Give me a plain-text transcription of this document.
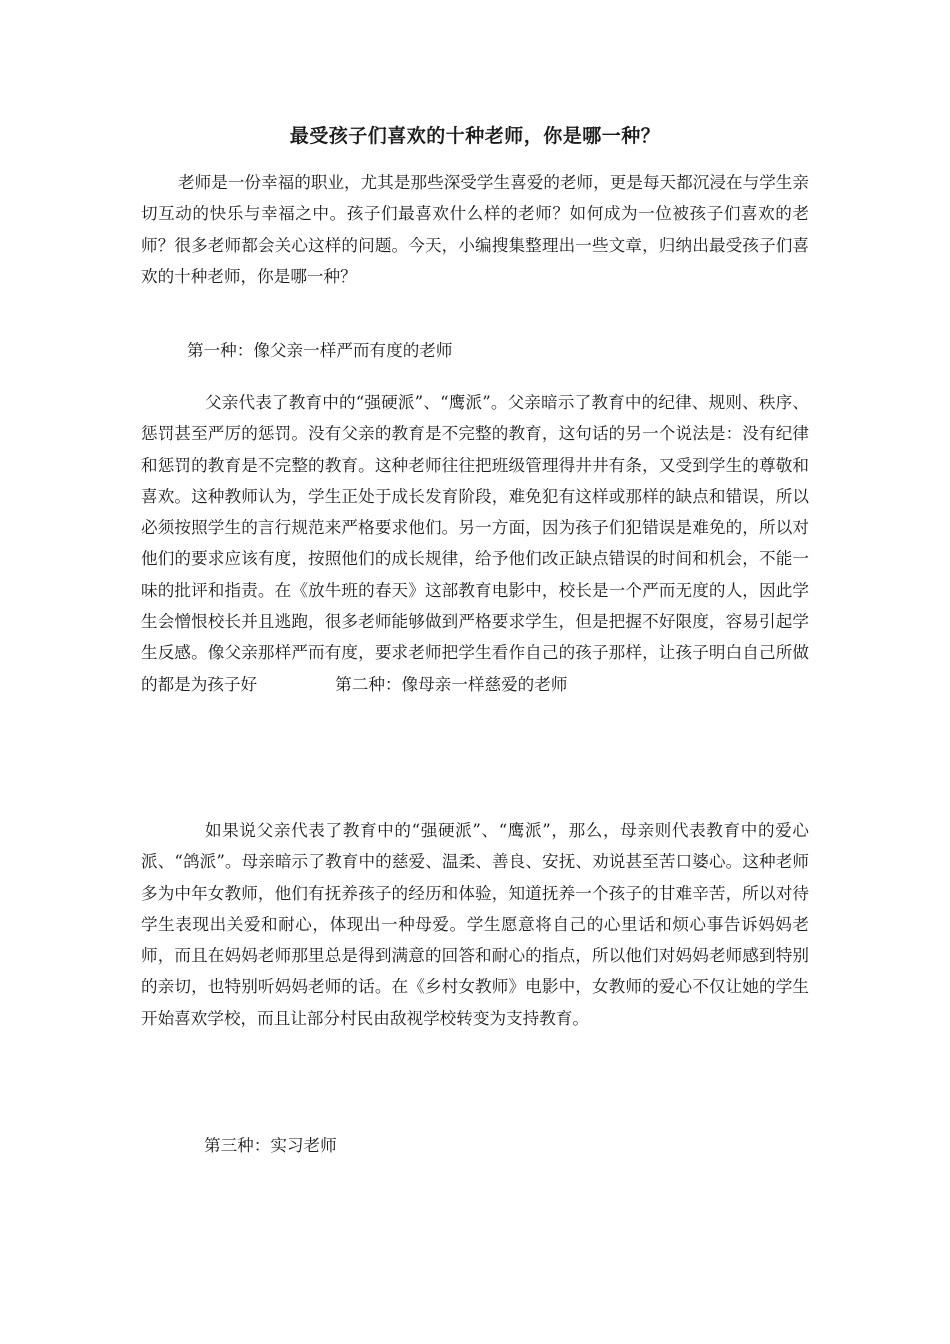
最受孩子们喜欢的十种老师，你是哪一种？

老师是一份幸福的职业，尤其是那些深受学生喜爱的老师，更是每天都沉浸在与学生亲切互动的快乐与幸福之中。孩子们最喜欢什么样的老师？如何成为一位被孩子们喜欢的老师？很多老师都会关心这样的问题。今天，小编搜集整理出一些文章，归纳出最受孩子们喜欢的十种老师，你是哪一种？

第一种：像父亲一样严而有度的老师

父亲代表了教育中的“强硬派”、“鹰派”。父亲暗示了教育中的纪律、规则、秩序、惩罚甚至严厉的惩罚。没有父亲的教育是不完整的教育，这句话的另一个说法是：没有纪律和惩罚的教育是不完整的教育。这种老师往往把班级管理得井井有条，又受到学生的尊敬和喜欢。这种教师认为，学生正处于成长发育阶段，难免犯有这样或那样的缺点和错误，所以必须按照学生的言行规范来严格要求他们。另一方面，因为孩子们犯错误是难免的，所以对他们的要求应该有度，按照他们的成长规律，给予他们改正缺点错误的时间和机会，不能一味的批评和指责。在《放牛班的春天》这部教育电影中，校长是一个严而无度的人，因此学生会憎恨校长并且逃跑，很多老师能够做到严格要求学生，但是把握不好限度，容易引起学生反感。像父亲那样严而有度，要求老师把学生看作自己的孩子那样，让孩子明白自己所做的都是为孩子好	第二种：像母亲一样慈爱的老师

如果说父亲代表了教育中的“强硬派”、“鹰派”，那么，母亲则代表教育中的爱心派、“鸽派”。母亲暗示了教育中的慈爱、温柔、善良、安抚、劝说甚至苦口婆心。这种老师多为中年女教师，他们有抚养孩子的经历和体验，知道抚养一个孩子的甘难辛苦，所以对待学生表现出关爱和耐心，体现出一种母爱。学生愿意将自己的心里话和烦心事告诉妈妈老师，而且在妈妈老师那里总是得到满意的回答和耐心的指点，所以他们对妈妈老师感到特别的亲切，也特别听妈妈老师的话。在《乡村女教师》电影中，女教师的爱心不仅让她的学生开始喜欢学校，而且让部分村民由敌视学校转变为支持教育。

第三种：实习老师
